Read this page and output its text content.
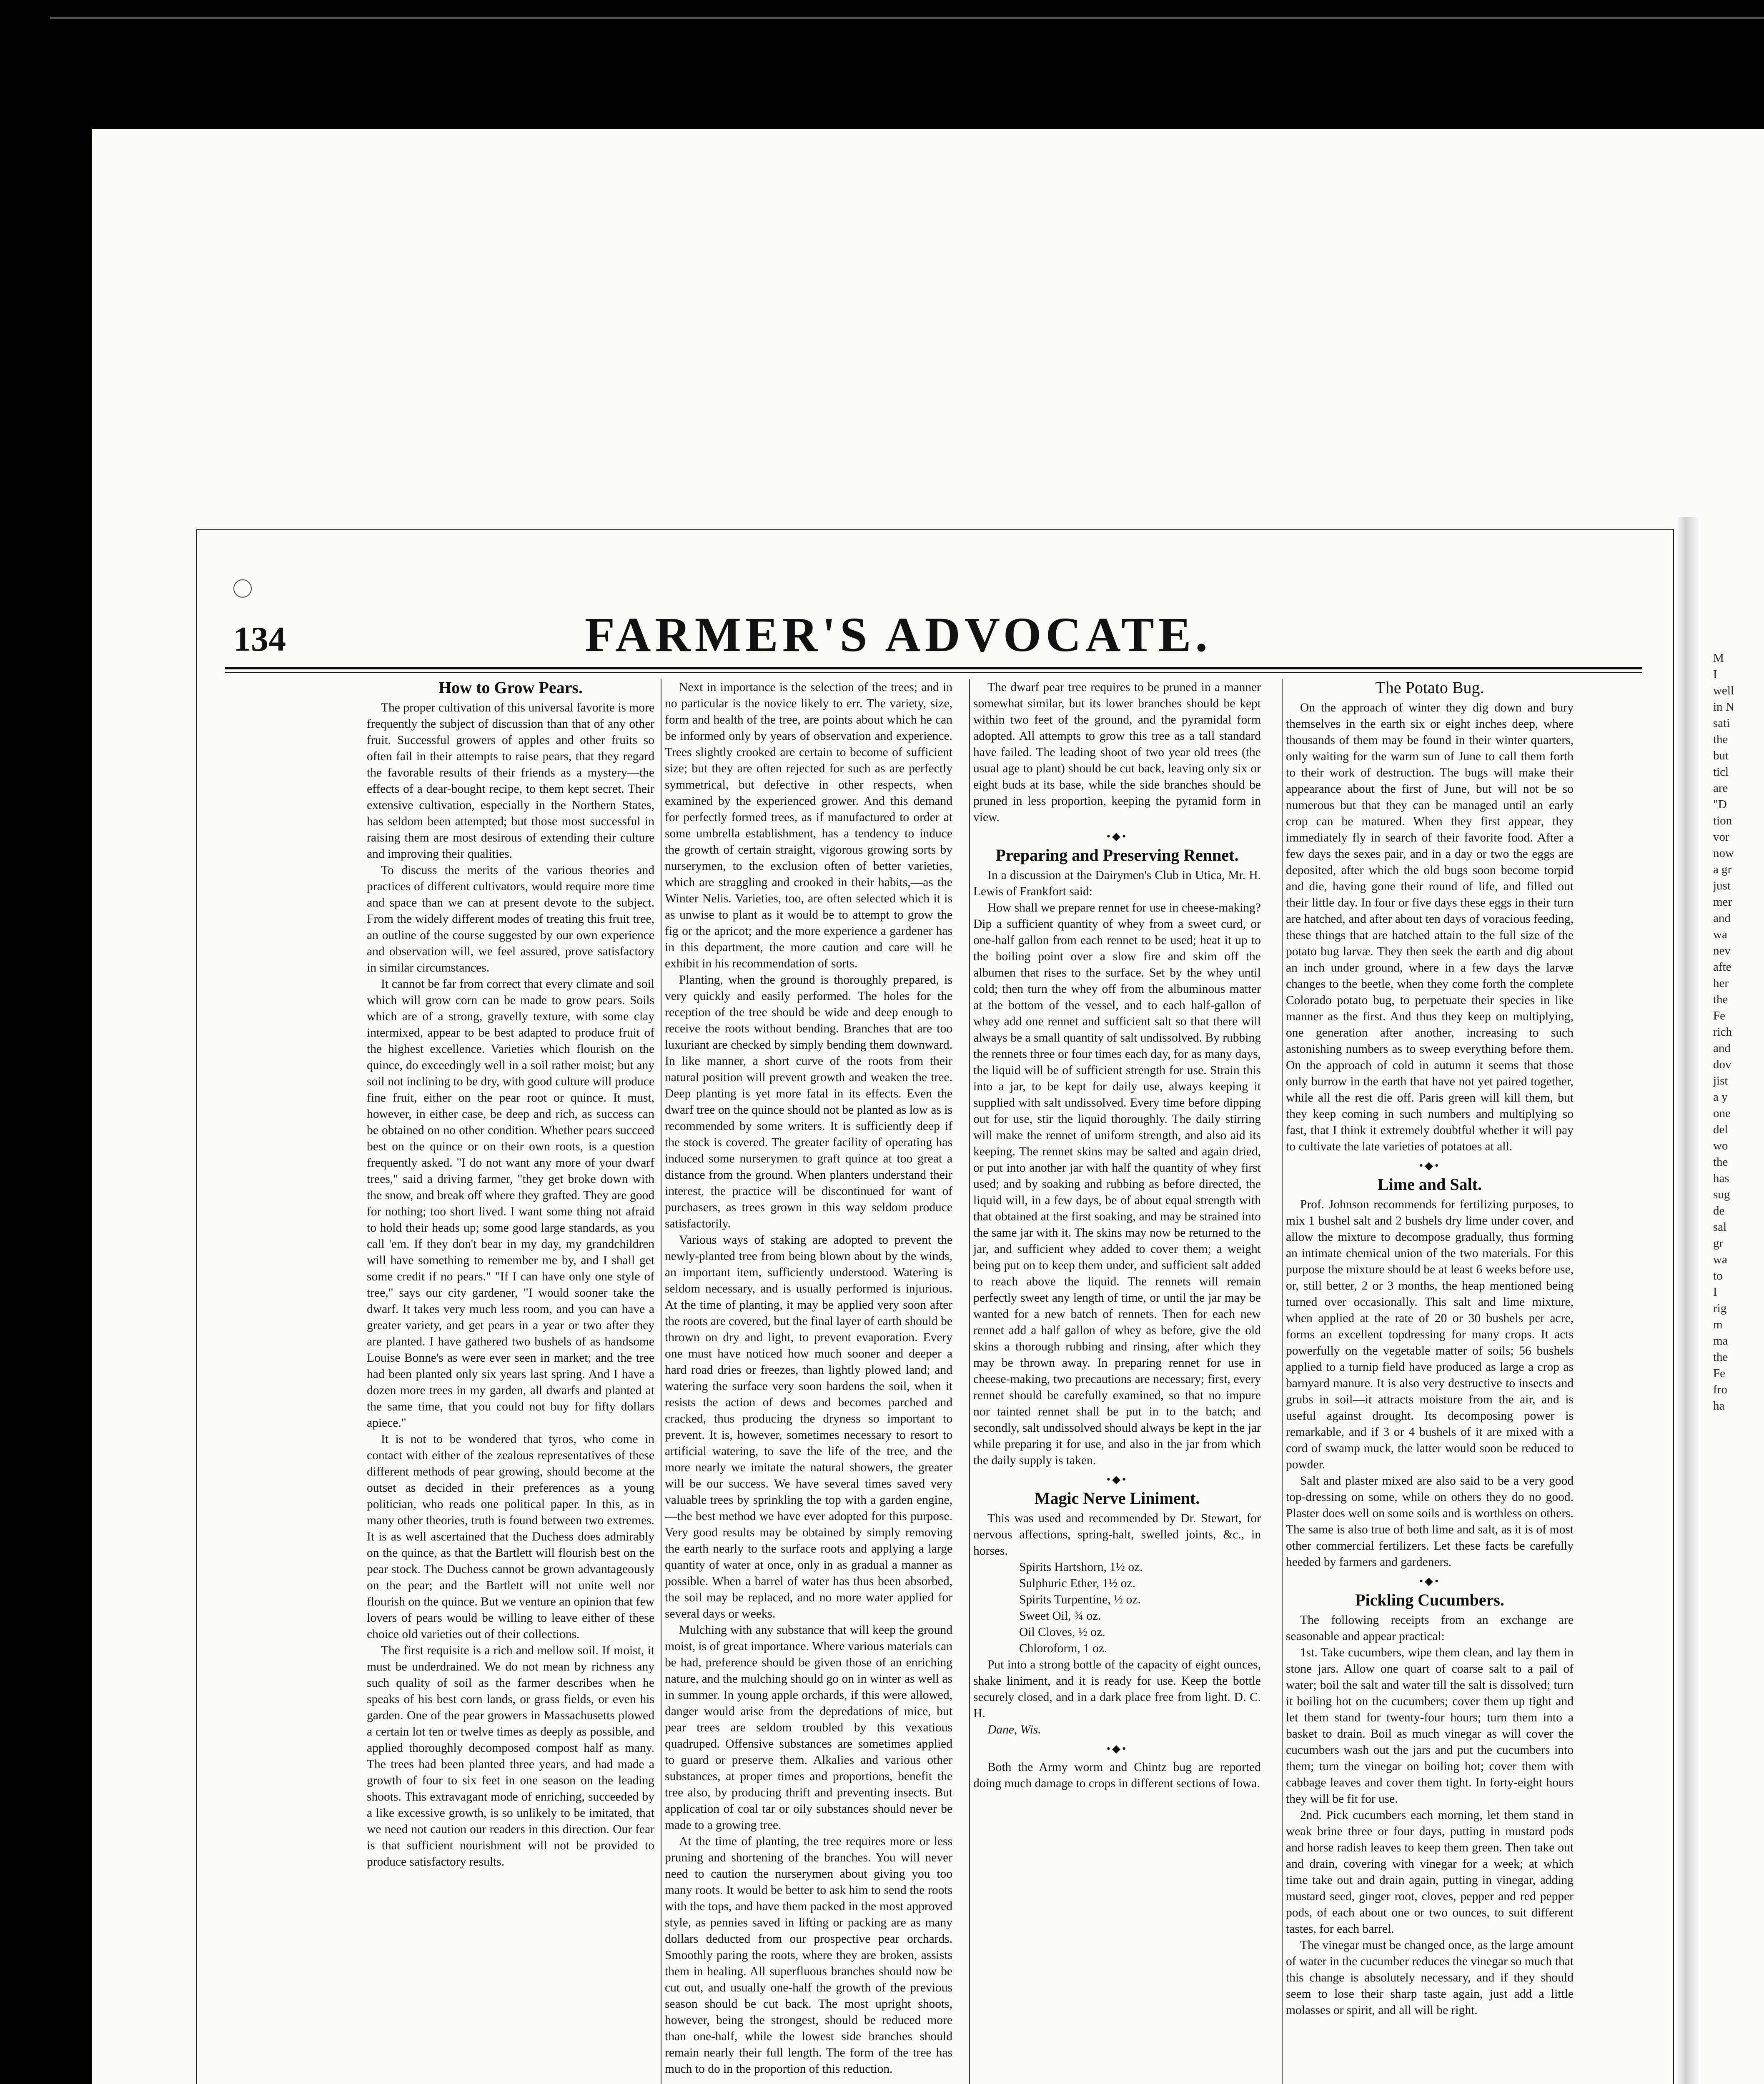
134	FARMER'S ADVOCATE.
How to Grow Pears.

The proper cultivation of this universal favorite is more frequently the subject of discussion than that of any other fruit. Successful growers of apples and other fruits so often fail in their attempts to raise pears, that they regard the favorable results of their friends as a mystery—the effects of a dear-bought recipe, to them kept secret. Their extensive cultivation, especially in the Northern States, has seldom been attempted; but those most successful in raising them are most desirous of extending their culture and improving their qualities.

To discuss the merits of the various theories and practices of different cultivators, would require more time and space than we can at present devote to the subject. From the widely different modes of treating this fruit tree, an outline of the course suggested by our own experience and observation will, we feel assured, prove satisfactory in similar circumstances.

It cannot be far from correct that every climate and soil which will grow corn can be made to grow pears. Soils which are of a strong, gravelly texture, with some clay intermixed, appear to be best adapted to produce fruit of the highest excellence. Varieties which flourish on the quince, do exceedingly well in a soil rather moist; but any soil not inclining to be dry, with good culture will produce fine fruit, either on the pear root or quince. It must, however, in either case, be deep and rich, as success can be obtained on no other condition. Whether pears succeed best on the quince or on their own roots, is a question frequently asked. "I do not want any more of your dwarf trees," said a driving farmer, "they get broke down with the snow, and break off where they grafted. They are good for nothing; too short lived. I want some thing not afraid to hold their heads up; some good large standards, as you call 'em. If they don't bear in my day, my grandchildren will have something to remember me by, and I shall get some credit if no pears." "If I can have only one style of tree," says our city gardener, "I would sooner take the dwarf. It takes very much less room, and you can have a greater variety, and get pears in a year or two after they are planted. I have gathered two bushels of as handsome Louise Bonne's as were ever seen in market; and the tree had been planted only six years last spring. And I have a dozen more trees in my garden, all dwarfs and planted at the same time, that you could not buy for fifty dollars apiece."

It is not to be wondered that tyros, who come in contact with either of the zealous representatives of these different methods of pear growing, should become at the outset as decided in their preferences as a young politician, who reads one political paper. In this, as in many other theories, truth is found between two extremes. It is as well ascertained that the Duchess does admirably on the quince, as that the Bartlett will flourish best on the pear stock. The Duchess cannot be grown advantageously on the pear; and the Bartlett will not unite well nor flourish on the quince. But we venture an opinion that few lovers of pears would be willing to leave either of these choice old varieties out of their collections.

The first requisite is a rich and mellow soil. If moist, it must be underdrained. We do not mean by richness any such quality of soil as the farmer describes when he speaks of his best corn lands, or grass fields, or even his garden. One of the pear growers in Massachusetts plowed a certain lot ten or twelve times as deeply as possible, and applied thoroughly decomposed compost half as many. The trees had been planted three years, and had made a growth of four to six feet in one season on the leading shoots. This extravagant mode of enriching, succeeded by a like excessive growth, is so unlikely to be imitated, that we need not caution our readers in this direction. Our fear is that sufficient nourishment will not be provided to produce satisfactory results.

Next in importance is the selection of the trees; and in no particular is the novice likely to err. The variety, size, form and health of the tree, are points about which he can be informed only by years of observation and experience. Trees slightly crooked are certain to become of sufficient size; but they are often rejected for such as are perfectly symmetrical, but defective in other respects, when examined by the experienced grower. And this demand for perfectly formed trees, as if manufactured to order at some umbrella establishment, has a tendency to induce the growth of certain straight, vigorous growing sorts by nurserymen, to the exclusion often of better varieties, which are straggling and crooked in their habits,—as the Winter Nelis. Varieties, too, are often selected which it is as unwise to plant as it would be to attempt to grow the fig or the apricot; and the more experience a gardener has in this department, the more caution and care will he exhibit in his recommendation of sorts.

Planting, when the ground is thoroughly prepared, is very quickly and easily performed. The holes for the reception of the tree should be wide and deep enough to receive the roots without bending. Branches that are too luxuriant are checked by simply bending them downward. In like manner, a short curve of the roots from their natural position will prevent growth and weaken the tree. Deep planting is yet more fatal in its effects. Even the dwarf tree on the quince should not be planted as low as is recommended by some writers. It is sufficiently deep if the stock is covered. The greater facility of operating has induced some nurserymen to graft quince at too great a distance from the ground. When planters understand their interest, the practice will be discontinued for want of purchasers, as trees grown in this way seldom produce satisfactorily.

Various ways of staking are adopted to prevent the newly-planted tree from being blown about by the winds, an important item, sufficiently understood. Watering is seldom necessary, and is usually performed is injurious. At the time of planting, it may be applied very soon after the roots are covered, but the final layer of earth should be thrown on dry and light, to prevent evaporation. Every one must have noticed how much sooner and deeper a hard road dries or freezes, than lightly plowed land; and watering the surface very soon hardens the soil, when it resists the action of dews and becomes parched and cracked, thus producing the dryness so important to prevent. It is, however, sometimes necessary to resort to artificial watering, to save the life of the tree, and the more nearly we imitate the natural showers, the greater will be our success. We have several times saved very valuable trees by sprinkling the top with a garden engine,—the best method we have ever adopted for this purpose. Very good results may be obtained by simply removing the earth nearly to the surface roots and applying a large quantity of water at once, only in as gradual a manner as possible. When a barrel of water has thus been absorbed, the soil may be replaced, and no more water applied for several days or weeks.

Mulching with any substance that will keep the ground moist, is of great importance. Where various materials can be had, preference should be given those of an enriching nature, and the mulching should go on in winter as well as in summer. In young apple orchards, if this were allowed, danger would arise from the depredations of mice, but pear trees are seldom troubled by this vexatious quadruped. Offensive substances are sometimes applied to guard or preserve them. Alkalies and various other substances, at proper times and proportions, benefit the tree also, by producing thrift and preventing insects. But application of coal tar or oily substances should never be made to a growing tree.

At the time of planting, the tree requires more or less pruning and shortening of the branches. You will never need to caution the nurserymen about giving you too many roots. It would be better to ask him to send the roots with the tops, and have them packed in the most approved style, as pennies saved in lifting or packing are as many dollars deducted from our prospective pear orchards. Smoothly paring the roots, where they are broken, assists them in healing. All superfluous branches should now be cut out, and usually one-half the growth of the previous season should be cut back. The most upright shoots, however, being the strongest, should be reduced more than one-half, while the lowest side branches should remain nearly their full length. The form of the tree has much to do in the proportion of this reduction.

The dwarf pear tree requires to be pruned in a manner somewhat similar, but its lower branches should be kept within two feet of the ground, and the pyramidal form adopted. All attempts to grow this tree as a tall standard have failed. The leading shoot of two year old trees (the usual age to plant) should be cut back, leaving only six or eight buds at its base, while the side branches should be pruned in less proportion, keeping the pyramid form in view.

•◆•
Preparing and Preserving Rennet.

In a discussion at the Dairymen's Club in Utica, Mr. H. Lewis of Frankfort said:

How shall we prepare rennet for use in cheese-making? Dip a sufficient quantity of whey from a sweet curd, or one-half gallon from each rennet to be used; heat it up to the boiling point over a slow fire and skim off the albumen that rises to the surface. Set by the whey until cold; then turn the whey off from the albuminous matter at the bottom of the vessel, and to each half-gallon of whey add one rennet and sufficient salt so that there will always be a small quantity of salt undissolved. By rubbing the rennets three or four times each day, for as many days, the liquid will be of sufficient strength for use. Strain this into a jar, to be kept for daily use, always keeping it supplied with salt undissolved. Every time before dipping out for use, stir the liquid thoroughly. The daily stirring will make the rennet of uniform strength, and also aid its keeping. The rennet skins may be salted and again dried, or put into another jar with half the quantity of whey first used; and by soaking and rubbing as before directed, the liquid will, in a few days, be of about equal strength with that obtained at the first soaking, and may be strained into the same jar with it. The skins may now be returned to the jar, and sufficient whey added to cover them; a weight being put on to keep them under, and sufficient salt added to reach above the liquid. The rennets will remain perfectly sweet any length of time, or until the jar may be wanted for a new batch of rennets. Then for each new rennet add a half gallon of whey as before, give the old skins a thorough rubbing and rinsing, after which they may be thrown away. In preparing rennet for use in cheese-making, two precautions are necessary; first, every rennet should be carefully examined, so that no impure nor tainted rennet shall be put in to the batch; and secondly, salt undissolved should always be kept in the jar while preparing it for use, and also in the jar from which the daily supply is taken.

•◆•
Magic Nerve Liniment.

This was used and recommended by Dr. Stewart, for nervous affections, spring-halt, swelled joints, &c., in horses.

Spirits Hartshorn, 1½ oz.

Sulphuric Ether, 1½ oz.

Spirits Turpentine, ½ oz.

Sweet Oil, ¾ oz.

Oil Cloves, ½ oz.

Chloroform, 1 oz.

Put into a strong bottle of the capacity of eight ounces, shake liniment, and it is ready for use. Keep the bottle securely closed, and in a dark place free from light. D. C. H.

Dane, Wis.

•◆•

Both the Army worm and Chintz bug are reported doing much damage to crops in different sections of Iowa.

The Potato Bug.

On the approach of winter they dig down and bury themselves in the earth six or eight inches deep, where thousands of them may be found in their winter quarters, only waiting for the warm sun of June to call them forth to their work of destruction. The bugs will make their appearance about the first of June, but will not be so numerous but that they can be managed until an early crop can be matured. When they first appear, they immediately fly in search of their favorite food. After a few days the sexes pair, and in a day or two the eggs are deposited, after which the old bugs soon become torpid and die, having gone their round of life, and filled out their little day. In four or five days these eggs in their turn are hatched, and after about ten days of voracious feeding, these things that are hatched attain to the full size of the potato bug larvæ. They then seek the earth and dig about an inch under ground, where in a few days the larvæ changes to the beetle, when they come forth the complete Colorado potato bug, to perpetuate their species in like manner as the first. And thus they keep on multiplying, one generation after another, increasing to such astonishing numbers as to sweep everything before them. On the approach of cold in autumn it seems that those only burrow in the earth that have not yet paired together, while all the rest die off. Paris green will kill them, but they keep coming in such numbers and multiplying so fast, that I think it extremely doubtful whether it will pay to cultivate the late varieties of potatoes at all.

•◆•
Lime and Salt.

Prof. Johnson recommends for fertilizing purposes, to mix 1 bushel salt and 2 bushels dry lime under cover, and allow the mixture to decompose gradually, thus forming an intimate chemical union of the two materials. For this purpose the mixture should be at least 6 weeks before use, or, still better, 2 or 3 months, the heap mentioned being turned over occasionally. This salt and lime mixture, when applied at the rate of 20 or 30 bushels per acre, forms an excellent topdressing for many crops. It acts powerfully on the vegetable matter of soils; 56 bushels applied to a turnip field have produced as large a crop as barnyard manure. It is also very destructive to insects and grubs in soil—it attracts moisture from the air, and is useful against drought. Its decomposing power is remarkable, and if 3 or 4 bushels of it are mixed with a cord of swamp muck, the latter would soon be reduced to powder.

Salt and plaster mixed are also said to be a very good top-dressing on some, while on others they do no good. Plaster does well on some soils and is worthless on others. The same is also true of both lime and salt, as it is of most other commercial fertilizers. Let these facts be carefully heeded by farmers and gardeners.

•◆•
Pickling Cucumbers.

The following receipts from an exchange are seasonable and appear practical:

1st. Take cucumbers, wipe them clean, and lay them in stone jars. Allow one quart of coarse salt to a pail of water; boil the salt and water till the salt is dissolved; turn it boiling hot on the cucumbers; cover them up tight and let them stand for twenty-four hours; turn them into a basket to drain. Boil as much vinegar as will cover the cucumbers wash out the jars and put the cucumbers into them; turn the vinegar on boiling hot; cover them with cabbage leaves and cover them tight. In forty-eight hours they will be fit for use.

2nd. Pick cucumbers each morning, let them stand in weak brine three or four days, putting in mustard pods and horse radish leaves to keep them green. Then take out and drain, covering with vinegar for a week; at which time take out and drain again, putting in vinegar, adding mustard seed, ginger root, cloves, pepper and red pepper pods, of each about one or two ounces, to suit different tastes, for each barrel.

The vinegar must be changed once, as the large amount of water in the cucumber reduces the vinegar so much that this change is absolutely necessary, and if they should seem to lose their sharp taste again, just add a little molasses or spirit, and all will be right.

M
I
well
in N
sati
the
but
ticl
are
"D
tion
vor
now
a gr
just
mer
and
wa
nev
afte
her
the
Fe
rich
and
dov
jist
a y
one
del
wo
the
has
sug
de
sal
gr
wa
to
I
rig
m
ma
the
Fe
fro
ha
